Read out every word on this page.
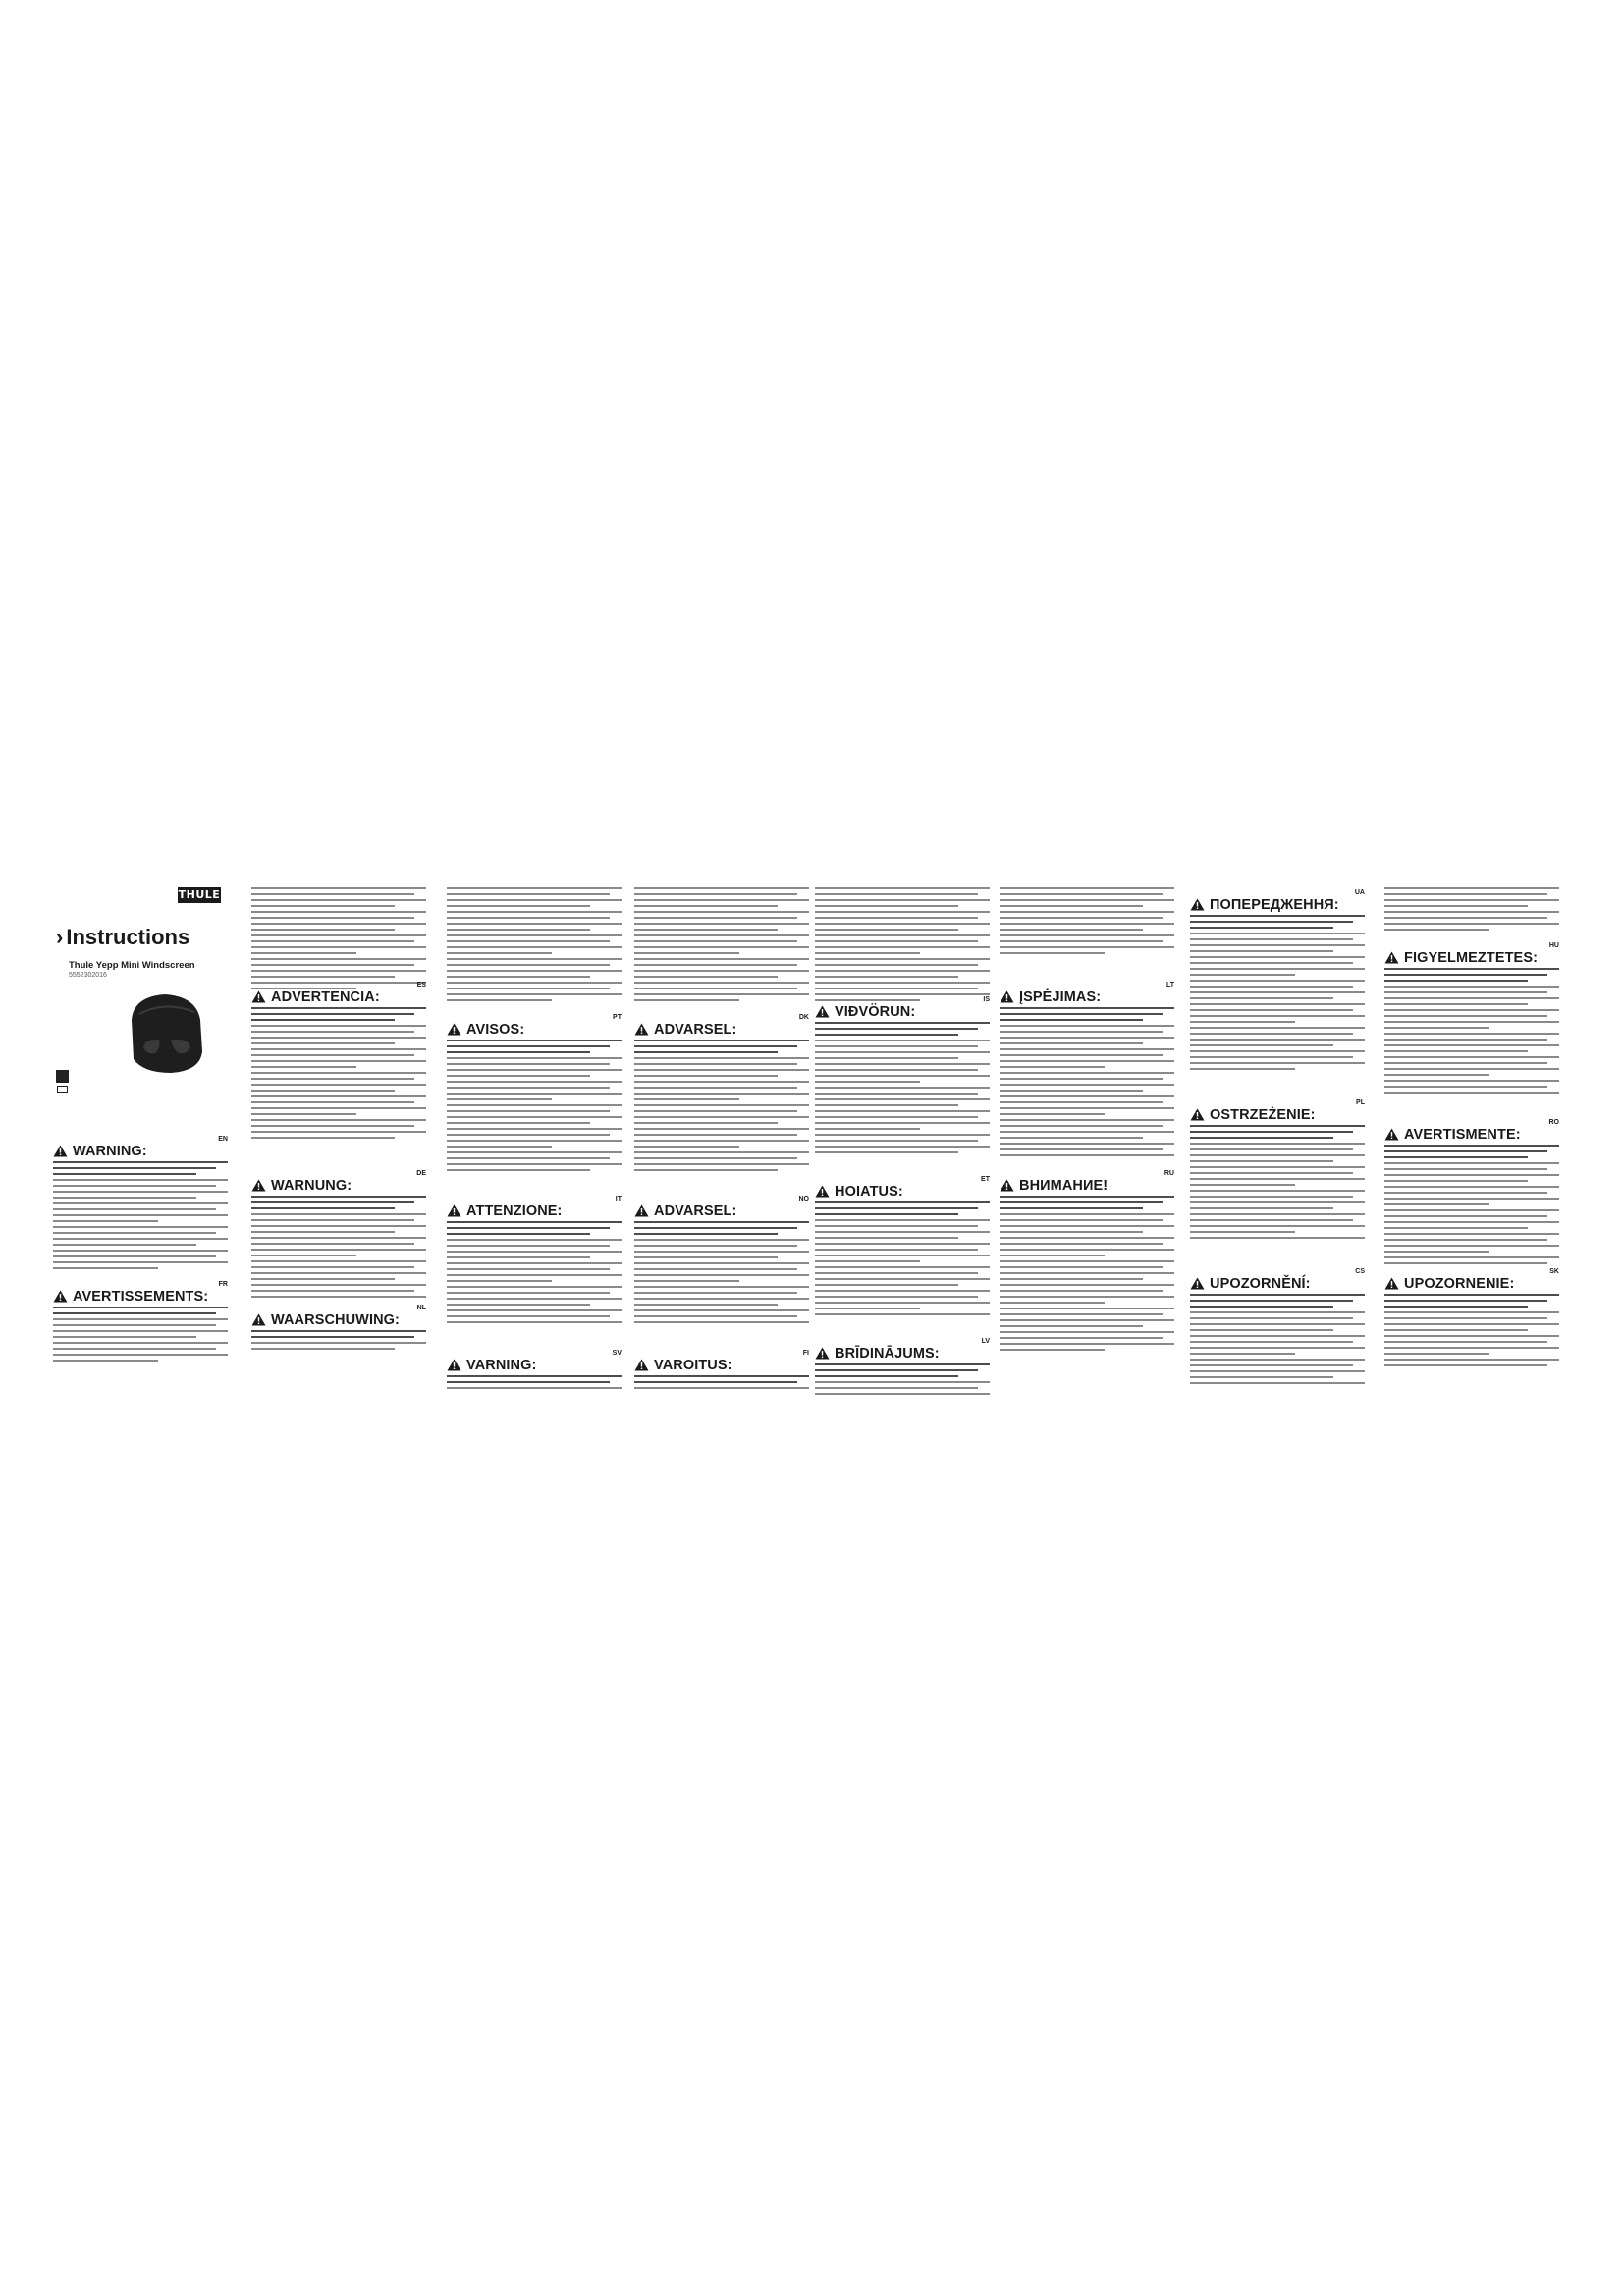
THULE
› Instructions
Thule Yepp Mini Windscreen
5552302016
EN
WARNING:
FR
AVERTISSEMENTS:
ES
ADVERTENCIA:
DE
WARNUNG:
NL
WAARSCHUWING:
PT
AVISOS:
IT
ATTENZIONE:
SV
VARNING:
DK
ADVARSEL:
NO
ADVARSEL:
FI
VAROITUS:
IS
VIÐVÖRUN:
ET
HOIATUS:
LV
BRĪDINĀJUMS:
LT
ĮSPĖJIMAS:
RU
ВНИМАНИЕ!
UA
ПОПЕРЕДЖЕННЯ:
PL
OSTRZEŻENIE:
CS
UPOZORNĚNÍ:
HU
FIGYELMEZTETES:
RO
AVERTISMENTE:
SK
UPOZORNENIE:
